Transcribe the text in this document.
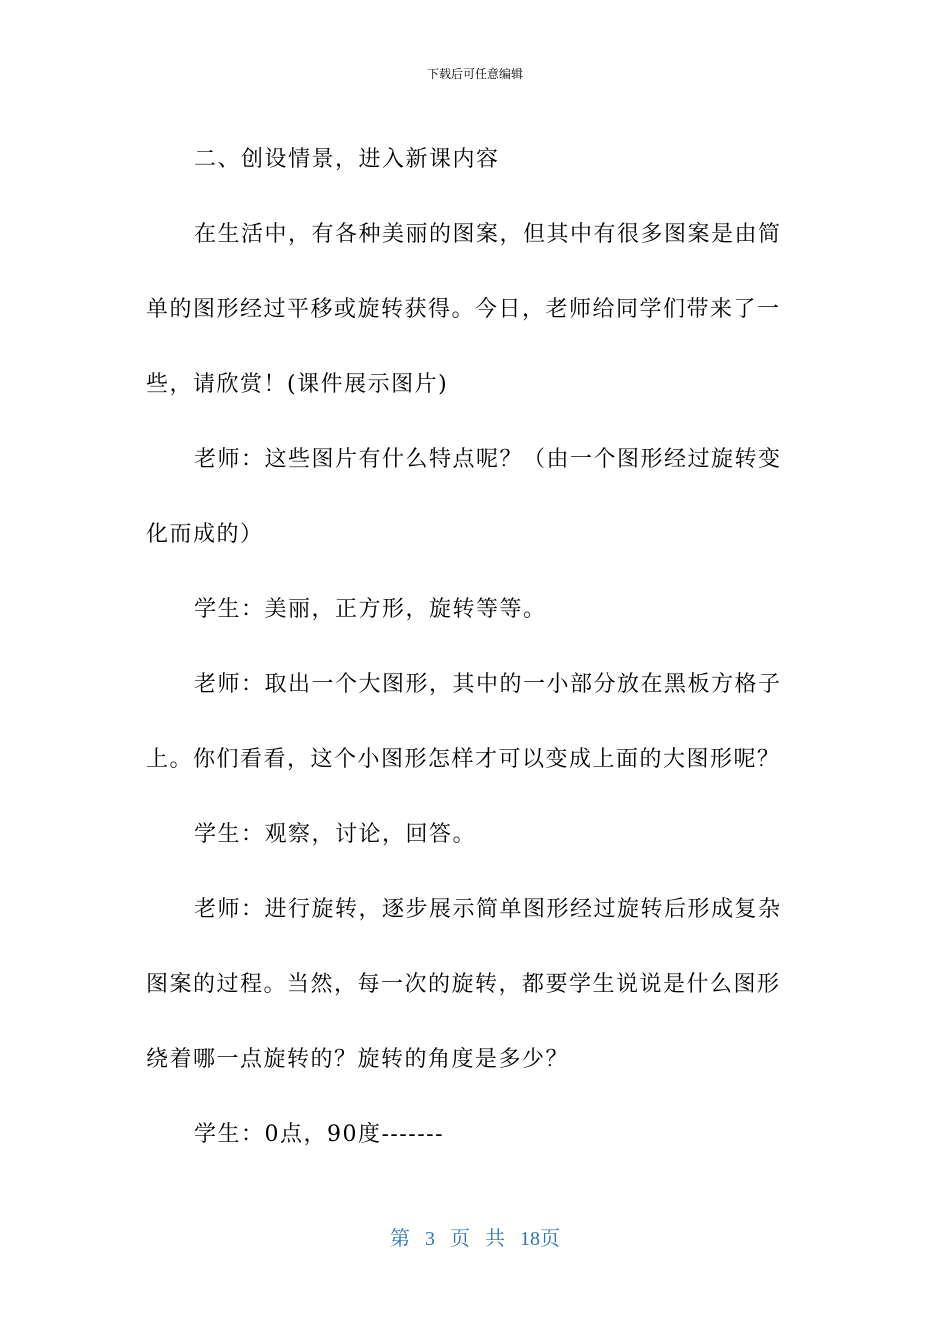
下载后可任意编辑
二、创设情景，进入新课内容
在生活中，有各种美丽的图案，但其中有很多图案是由简
单的图形经过平移或旋转获得。今日，老师给同学们带来了一
些，请欣赏！(课件展示图片)
老师：这些图片有什么特点呢？（由一个图形经过旋转变
化而成的）
学生：美丽，正方形，旋转等等。
老师：取出一个大图形，其中的一小部分放在黑板方格子
上。你们看看，这个小图形怎样才可以变成上面的大图形呢？
学生：观察，讨论，回答。
老师：进行旋转，逐步展示简单图形经过旋转后形成复杂
图案的过程。当然，每一次的旋转，都要学生说说是什么图形
绕着哪一点旋转的？旋转的角度是多少？
学生：0点，90度-------
第 3 页 共 18页
